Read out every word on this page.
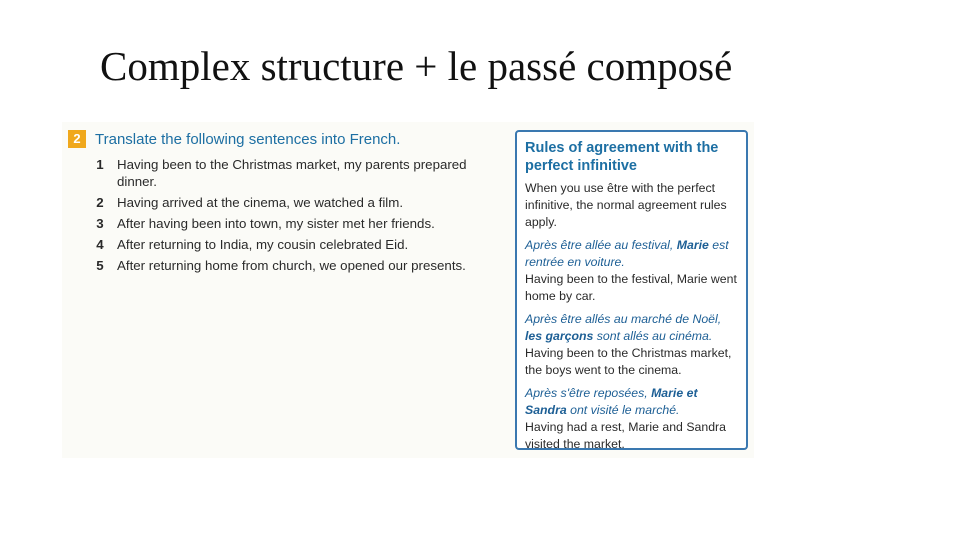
Complex structure + le passé composé
2 Translate the following sentences into French.
1 Having been to the Christmas market, my parents prepared dinner.
2 Having arrived at the cinema, we watched a film.
3 After having been into town, my sister met her friends.
4 After returning to India, my cousin celebrated Eid.
5 After returning home from church, we opened our presents.
Rules of agreement with the perfect infinitive
When you use être with the perfect infinitive, the normal agreement rules apply.
Après être allée au festival, Marie est rentrée en voiture.
Having been to the festival, Marie went home by car.
Après être allés au marché de Noël, les garçons sont allés au cinéma.
Having been to the Christmas market, the boys went to the cinema.
Après s'être reposées, Marie et Sandra ont visité le marché.
Having had a rest, Marie and Sandra visited the market.
